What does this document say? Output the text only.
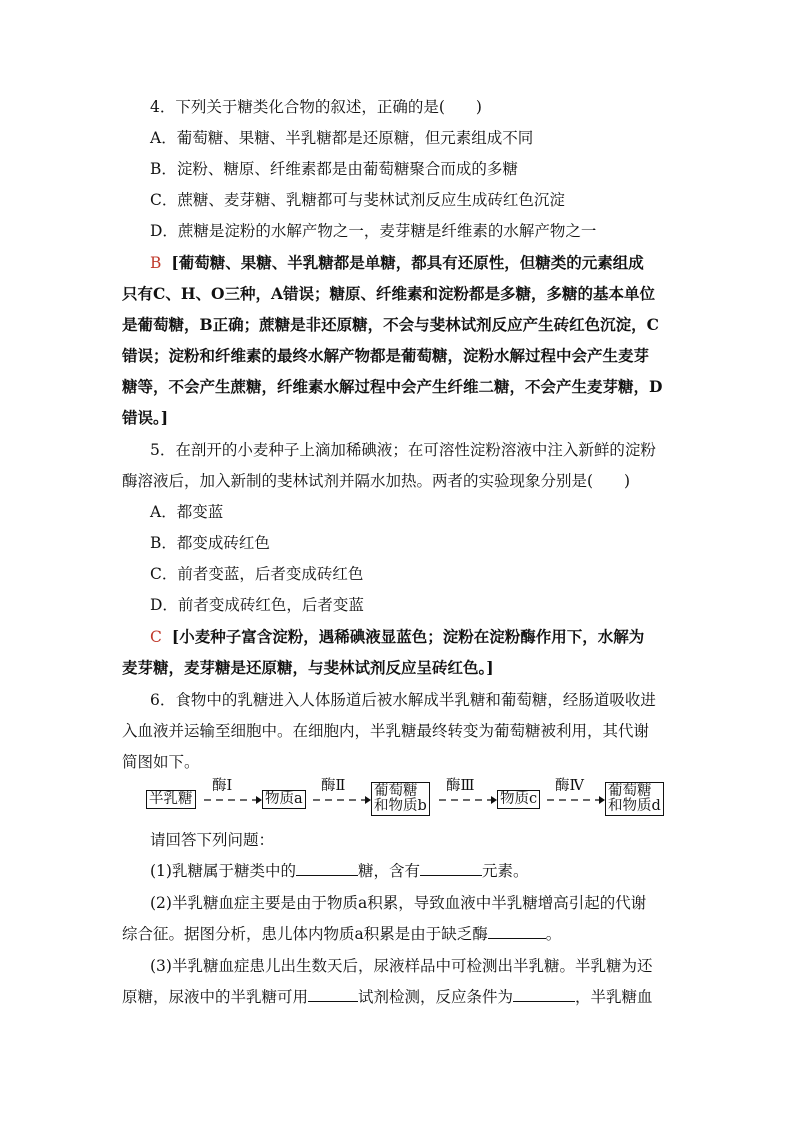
4．下列关于糖类化合物的叙述，正确的是(　　)
A．葡萄糖、果糖、半乳糖都是还原糖，但元素组成不同
B．淀粉、糖原、纤维素都是由葡萄糖聚合而成的多糖
C．蔗糖、麦芽糖、乳糖都可与斐林试剂反应生成砖红色沉淀
D．蔗糖是淀粉的水解产物之一，麦芽糖是纤维素的水解产物之一
B [葡萄糖、果糖、半乳糖都是单糖，都具有还原性，但糖类的元素组成
只有C、H、O三种，A错误；糖原、纤维素和淀粉都是多糖，多糖的基本单位
是葡萄糖，B正确；蔗糖是非还原糖，不会与斐林试剂反应产生砖红色沉淀，C
错误；淀粉和纤维素的最终水解产物都是葡萄糖，淀粉水解过程中会产生麦芽
糖等，不会产生蔗糖，纤维素水解过程中会产生纤维二糖，不会产生麦芽糖，D
错误。]
5．在剖开的小麦种子上滴加稀碘液；在可溶性淀粉溶液中注入新鲜的淀粉
酶溶液后，加入新制的斐林试剂并隔水加热。两者的实验现象分别是(　　)
A．都变蓝
B．都变成砖红色
C．前者变蓝，后者变成砖红色
D．前者变成砖红色，后者变蓝
C [小麦种子富含淀粉，遇稀碘液显蓝色；淀粉在淀粉酶作用下，水解为
麦芽糖，麦芽糖是还原糖，与斐林试剂反应呈砖红色。]
6．食物中的乳糖进入人体肠道后被水解成半乳糖和葡萄糖，经肠道吸收进
入血液并运输至细胞中。在细胞内，半乳糖最终转变为葡萄糖被利用，其代谢
简图如下。
半乳糖
酶Ⅰ
物质a
酶Ⅱ 葡萄糖
和物质b
酶Ⅲ
物质c
酶Ⅳ 葡萄糖
和物质d
请回答下列问题：
(1)乳糖属于糖类中的	糖，含有	元素。
(2)半乳糖血症主要是由于物质a积累，导致血液中半乳糖增高引起的代谢
综合征。据图分析，患儿体内物质a积累是由于缺乏酶	。
(3)半乳糖血症患儿出生数天后，尿液样品中可检测出半乳糖。半乳糖为还
原糖，尿液中的半乳糖可用	试剂检测，反应条件为	，半乳糖血
